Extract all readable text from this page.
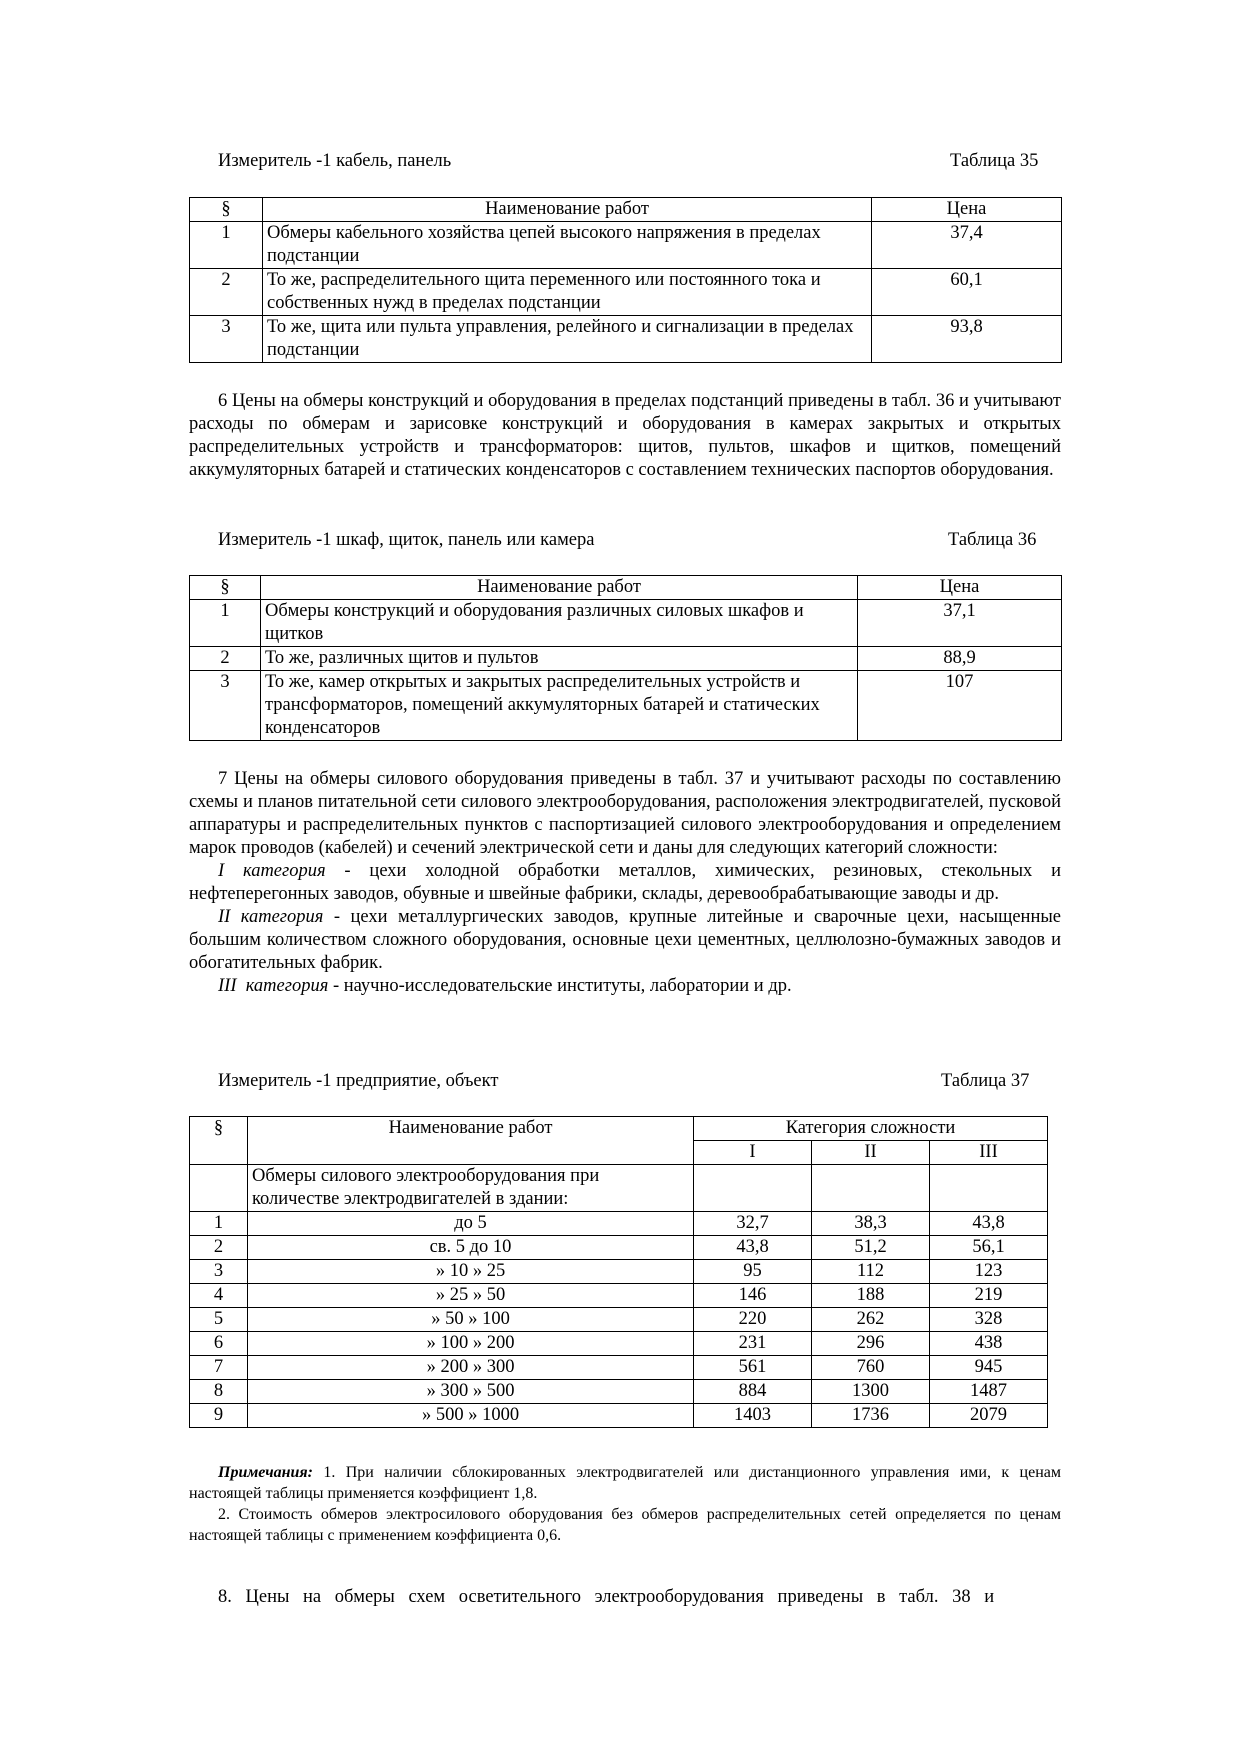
Измеритель -1 кабель, панель	Таблица 35
§	Наименование работ	Цена
1	Обмеры кабельного хозяйства цепей высокого напряжения в пределах подстанции	37,4
2	То же, распределительного щита переменного или постоянного тока и собственных нужд в пределах подстанции	60,1
3	То же, щита или пульта управления, релейного и сигнализации в пределах подстанции	93,8

6 Цены на обмеры конструкций и оборудования в пределах подстанций приведены в табл. 36 и учитывают расходы по обмерам и зарисовке конструкций и оборудования в камерах закрытых и открытых распределительных устройств и трансформаторов: щитов, пультов, шкафов и щитков, помещений аккумуляторных батарей и статических конденсаторов с составлением технических паспортов оборудования.

Измеритель -1 шкаф, щиток, панель или камера	Таблица 36
§	Наименование работ	Цена
1	Обмеры конструкций и оборудования различных силовых шкафов и щитков	37,1
2	То же, различных щитов и пультов	88,9
3	То же, камер открытых и закрытых распределительных устройств и трансформаторов, помещений аккумуляторных батарей и статических конденсаторов	107

7 Цены на обмеры силового оборудования приведены в табл. 37 и учитывают расходы по составлению схемы и планов питательной сети силового электрооборудования, расположения электродвигателей, пусковой аппаратуры и распределительных пунктов с паспортизацией силового электрооборудования и определением марок проводов (кабелей) и сечений электрической сети и даны для следующих категорий сложности:

I категория - цехи холодной обработки металлов, химических, резиновых, стекольных и нефтеперегонных заводов, обувные и швейные фабрики, склады, деревообрабатывающие заводы и др.

II категория - цехи металлургических заводов, крупные литейные и сварочные цехи, насыщенные большим количеством сложного оборудования, основные цехи цементных, целлюлозно-бумажных заводов и обогатительных фабрик.

III  категория - научно-исследовательские институты, лаборатории и др.

Измеритель -1 предприятие, объект	Таблица 37
§	Наименование работ	Категория сложности		
		I	II	III
	Обмеры силового электрооборудования при количестве электродвигателей в здании:			
1	до 5	32,7	38,3	43,8
2	св. 5 до 10	43,8	51,2	56,1
3	» 10 » 25	95	112	123
4	» 25 » 50	146	188	219
5	» 50 » 100	220	262	328
6	» 100 » 200	231	296	438
7	» 200 » 300	561	760	945
8	» 300 » 500	884	1300	1487
9	» 500 » 1000	1403	1736	2079

Примечания: 1. При наличии сблокированных электродвигателей или дистанционного управления ими, к ценам настоящей таблицы применяется коэффициент 1,8.

2. Стоимость обмеров электросилового оборудования без обмеров распределительных сетей определяется по ценам настоящей таблицы с применением коэффициента 0,6.

8. Цены на обмеры схем осветительного электрооборудования приведены в табл. 38 и
